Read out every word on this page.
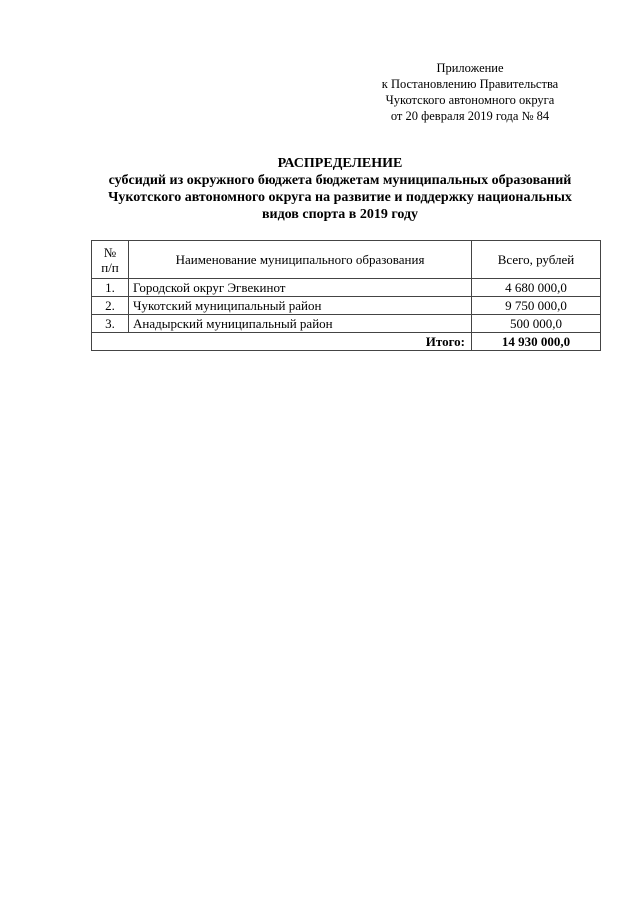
Приложение
к Постановлению Правительства
Чукотского автономного округа
от 20 февраля 2019 года № 84
РАСПРЕДЕЛЕНИЕ
субсидий из окружного бюджета бюджетам муниципальных образований
Чукотского автономного округа на развитие и поддержку национальных
видов спорта в 2019 году
№
п/п	Наименование муниципального образования	Всего, рублей
1.	Городской округ Эгвекинот	4 680 000,0
2.	Чукотский муниципальный район	9 750 000,0
3.	Анадырский муниципальный район	500 000,0
Итого:		14 930 000,0
